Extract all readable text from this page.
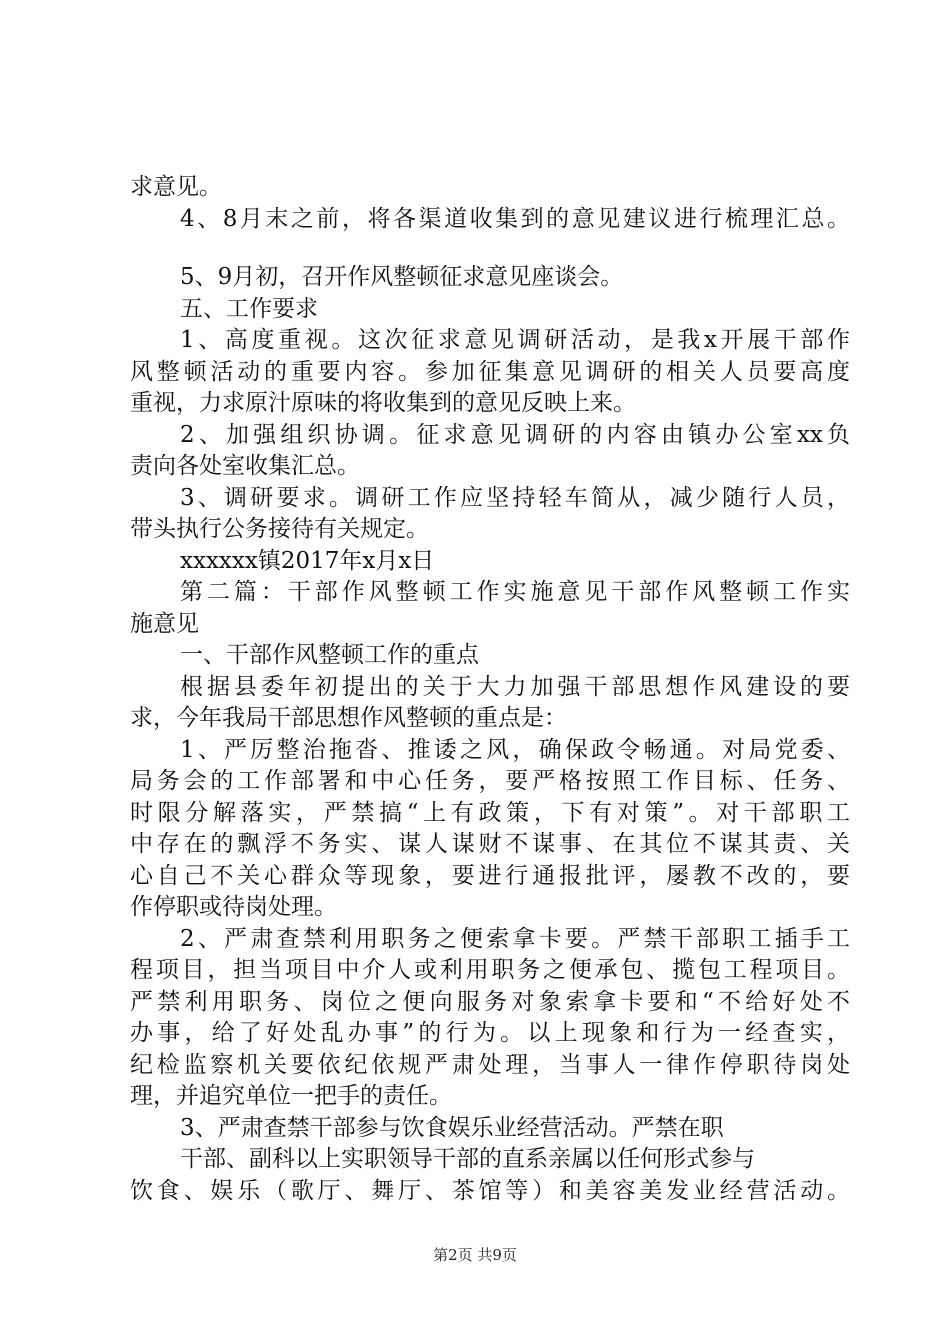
求意见。
4、8月末之前，将各渠道收集到的意见建议进行梳理汇总。
5、9月初，召开作风整顿征求意见座谈会。
五、工作要求
1、高度重视。这次征求意见调研活动，是我x开展干部作
风整顿活动的重要内容。参加征集意见调研的相关人员要高度
重视，力求原汁原味的将收集到的意见反映上来。
2、加强组织协调。征求意见调研的内容由镇办公室xx负
责向各处室收集汇总。
3、调研要求。调研工作应坚持轻车简从，减少随行人员，
带头执行公务接待有关规定。
xxxxxx镇2017年x月x日
第二篇：干部作风整顿工作实施意见干部作风整顿工作实
施意见
一、干部作风整顿工作的重点
根据县委年初提出的关于大力加强干部思想作风建设的要
求，今年我局干部思想作风整顿的重点是：
1、严厉整治拖沓、推诿之风，确保政令畅通。对局党委、
局务会的工作部署和中心任务，要严格按照工作目标、任务、
时限分解落实，严禁搞“上有政策，下有对策”。对干部职工
中存在的飘浮不务实、谋人谋财不谋事、在其位不谋其责、关
心自己不关心群众等现象，要进行通报批评，屡教不改的，要
作停职或待岗处理。
2、严肃查禁利用职务之便索拿卡要。严禁干部职工插手工
程项目，担当项目中介人或利用职务之便承包、揽包工程项目。
严禁利用职务、岗位之便向服务对象索拿卡要和“不给好处不
办事，给了好处乱办事”的行为。以上现象和行为一经查实，
纪检监察机关要依纪依规严肃处理，当事人一律作停职待岗处
理，并追究单位一把手的责任。
3、严肃查禁干部参与饮食娱乐业经营活动。严禁在职
干部、副科以上实职领导干部的直系亲属以任何形式参与
饮食、娱乐（歌厅、舞厅、茶馆等）和美容美发业经营活动。
第2页 共9页
